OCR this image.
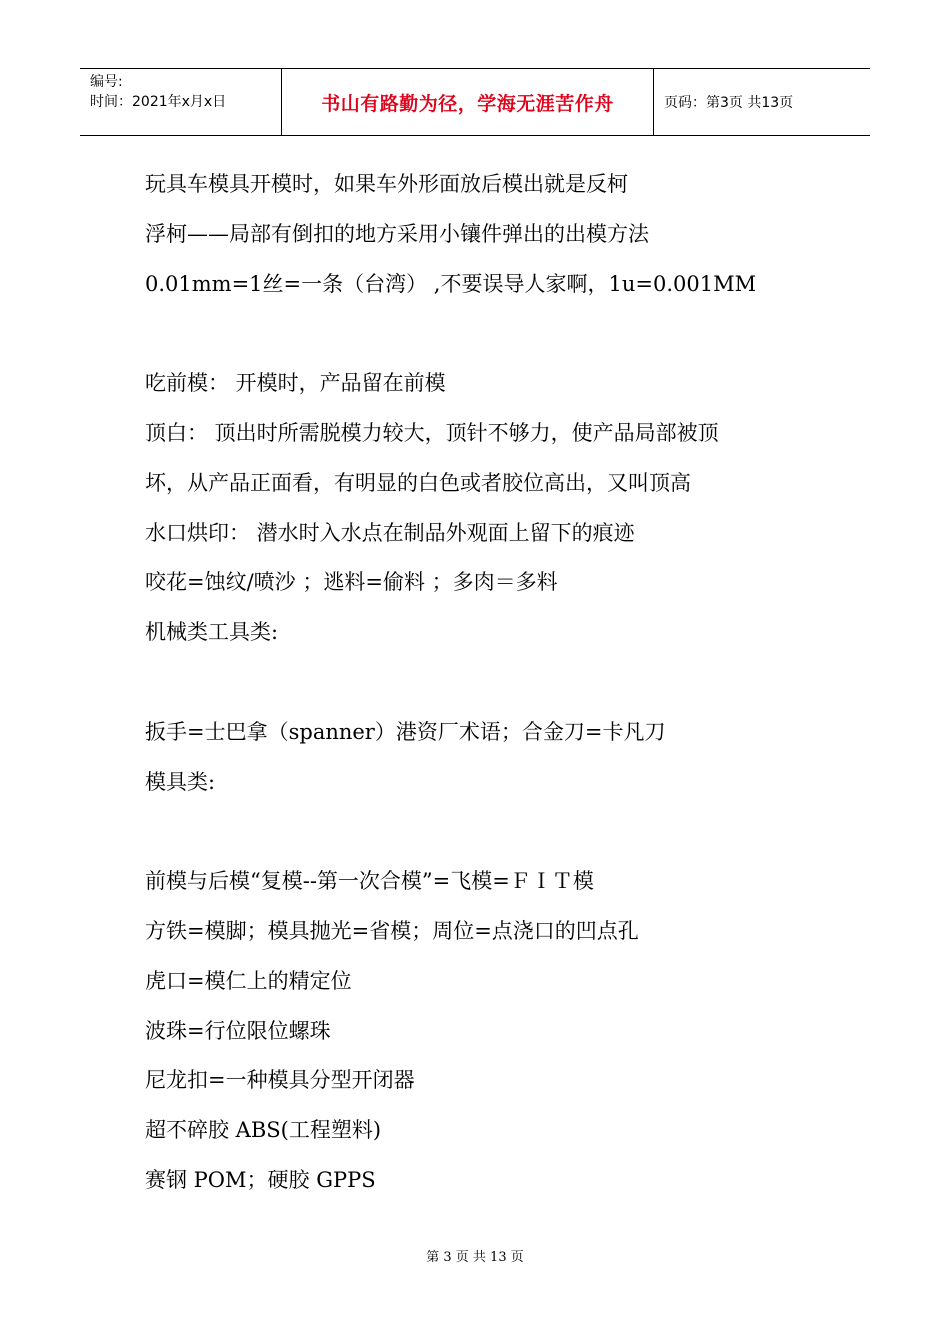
编号:
时间：2021年x月x日	书山有路勤为径，学海无涯苦作舟	页码：第3页 共13页
玩具车模具开模时，如果车外形面放后模出就是反柯
浮柯——局部有倒扣的地方采用小镶件弹出的出模方法
0.01mm=1丝=一条（台湾） ,不要误导人家啊，1u=0.001MM
吃前模： 开模时，产品留在前模
顶白： 顶出时所需脱模力较大，顶针不够力，使产品局部被顶
坏，从产品正面看，有明显的白色或者胶位高出，又叫顶高
水口烘印： 潜水时入水点在制品外观面上留下的痕迹
咬花=蚀纹/喷沙 ；逃料=偷料 ；多肉＝多料
机械类工具类:
扳手=士巴拿（spanner）港资厂术语；合金刀=卡凡刀
模具类:
前模与后模“复模--第一次合模”=飞模=ＦＩＴ模
方铁=模脚；模具抛光=省模；周位=点浇口的凹点孔
虎口=模仁上的精定位
波珠=行位限位螺珠
尼龙扣=一种模具分型开闭器
超不碎胶 ABS(工程塑料)
赛钢 POM；硬胶 GPPS
第 3 页 共 13 页
